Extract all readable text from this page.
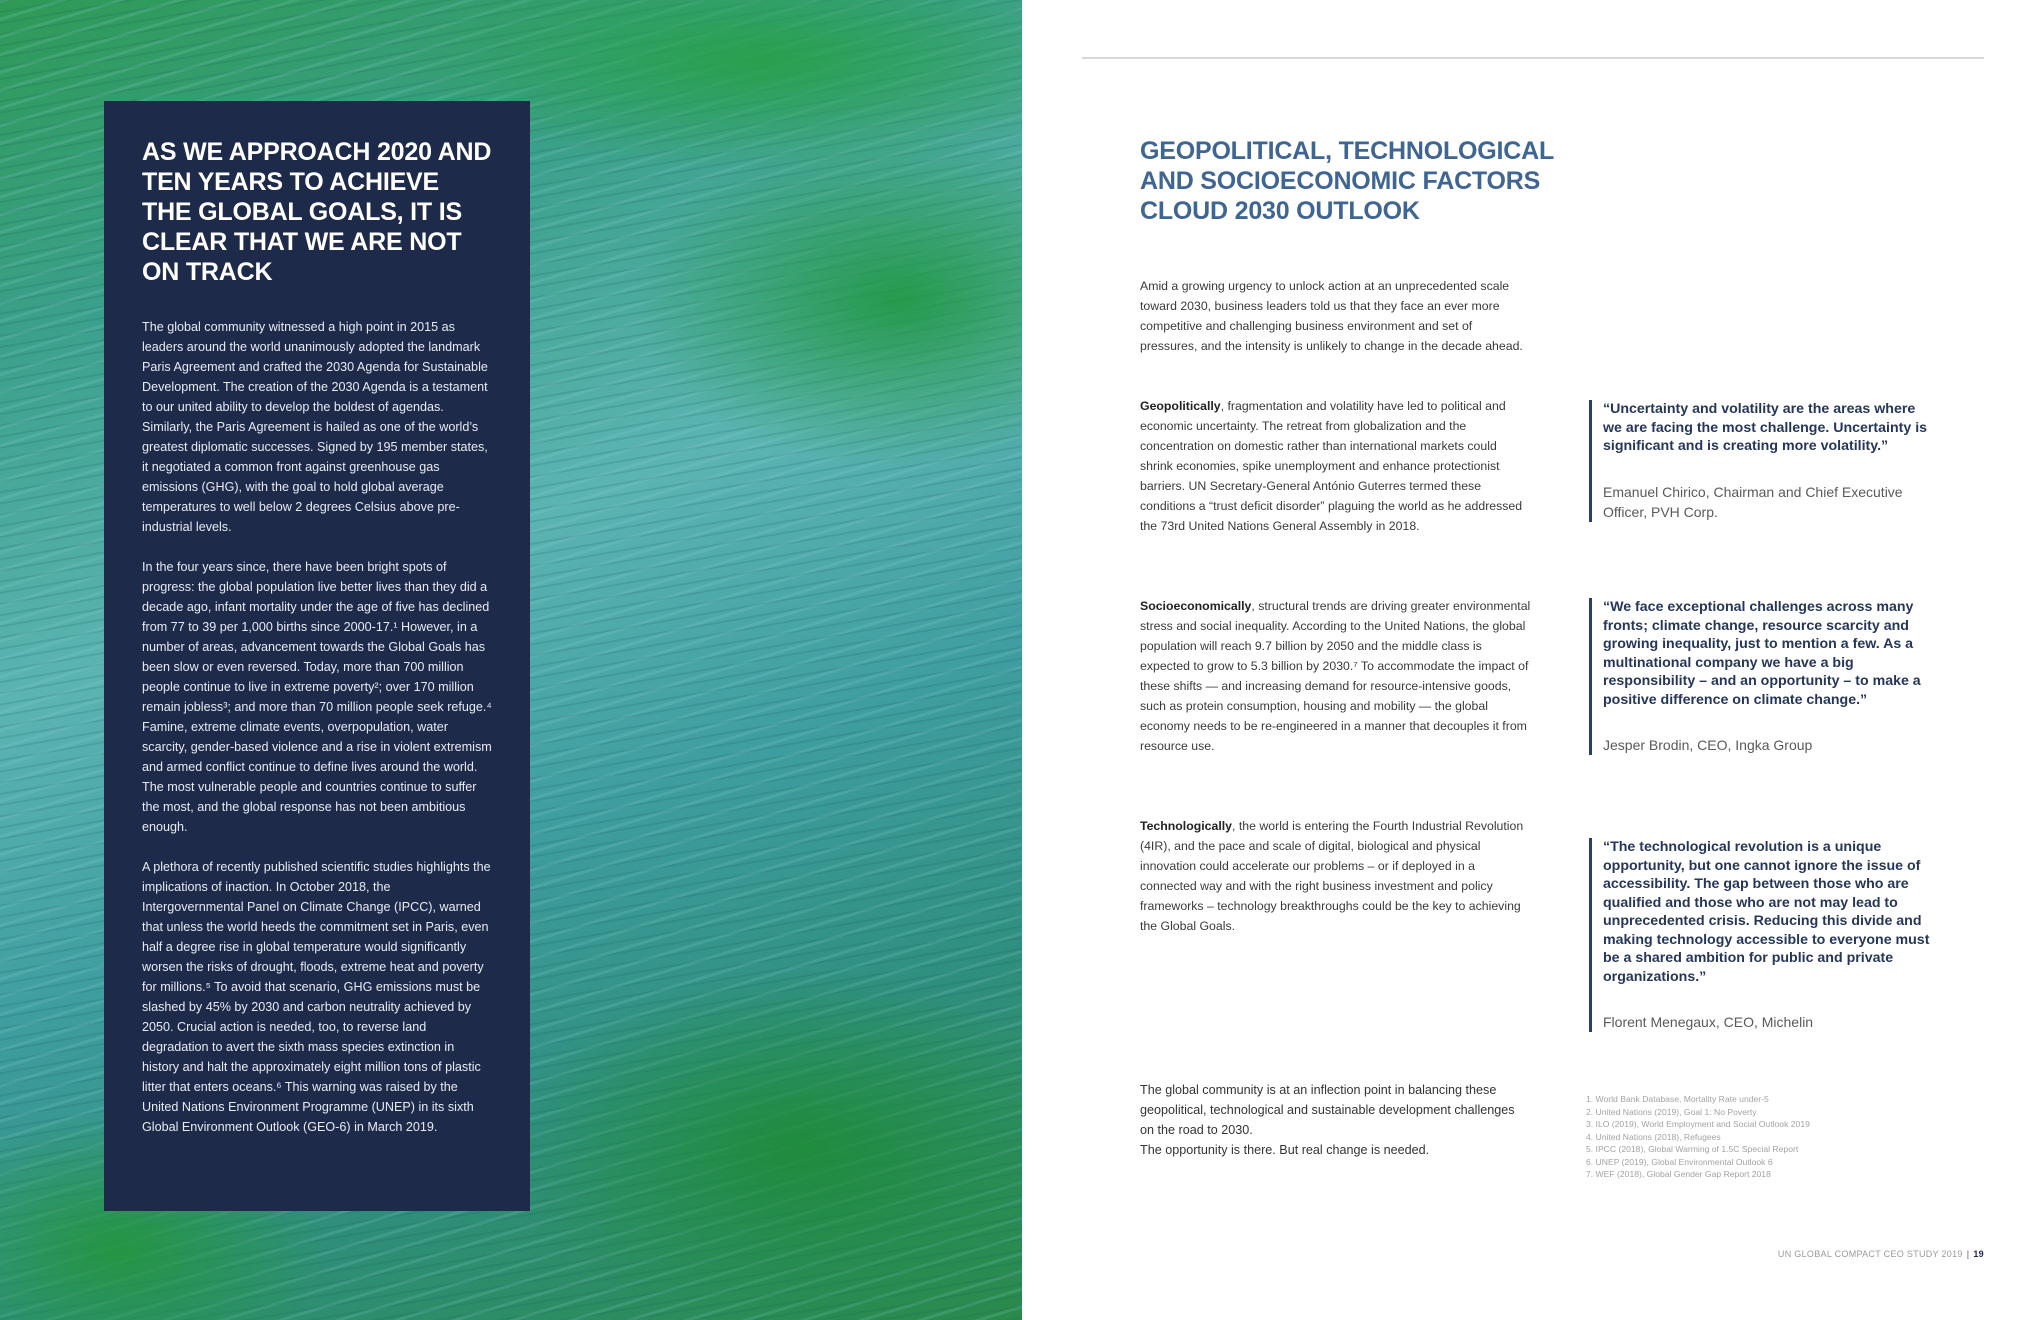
AS WE APPROACH 2020 AND TEN YEARS TO ACHIEVE THE GLOBAL GOALS, IT IS CLEAR THAT WE ARE NOT ON TRACK

The global community witnessed a high point in 2015 as leaders around the world unanimously adopted the landmark Paris Agreement and crafted the 2030 Agenda for Sustainable Development. The creation of the 2030 Agenda is a testament to our united ability to develop the boldest of agendas. Similarly, the Paris Agreement is hailed as one of the world’s greatest diplomatic successes. Signed by 195 member states, it negotiated a common front against greenhouse gas emissions (GHG), with the goal to hold global average temperatures to well below 2 degrees Celsius above pre-industrial levels.

In the four years since, there have been bright spots of progress: the global population live better lives than they did a decade ago, infant mortality under the age of five has declined from 77 to 39 per 1,000 births since 2000-17.¹ However, in a number of areas, advancement towards the Global Goals has been slow or even reversed. Today, more than 700 million people continue to live in extreme poverty²; over 170 million remain jobless³; and more than 70 million people seek refuge.⁴ Famine, extreme climate events, overpopulation, water scarcity, gender-based violence and a rise in violent extremism and armed conflict continue to define lives around the world. The most vulnerable people and countries continue to suffer the most, and the global response has not been ambitious enough.

A plethora of recently published scientific studies highlights the implications of inaction. In October 2018, the Intergovernmental Panel on Climate Change (IPCC), warned that unless the world heeds the commitment set in Paris, even half a degree rise in global temperature would significantly worsen the risks of drought, floods, extreme heat and poverty for millions.⁵ To avoid that scenario, GHG emissions must be slashed by 45% by 2030 and carbon neutrality achieved by 2050. Crucial action is needed, too, to reverse land degradation to avert the sixth mass species extinction in history and halt the approximately eight million tons of plastic litter that enters oceans.⁶ This warning was raised by the United Nations Environment Programme (UNEP) in its sixth Global Environment Outlook (GEO-6) in March 2019.

GEOPOLITICAL, TECHNOLOGICAL AND SOCIOECONOMIC FACTORS CLOUD 2030 OUTLOOK

Amid a growing urgency to unlock action at an unprecedented scale toward 2030, business leaders told us that they face an ever more competitive and challenging business environment and set of pressures, and the intensity is unlikely to change in the decade ahead.

Geopolitically, fragmentation and volatility have led to political and economic uncertainty. The retreat from globalization and the concentration on domestic rather than international markets could shrink economies, spike unemployment and enhance protectionist barriers. UN Secretary-General António Guterres termed these conditions a “trust deficit disorder” plaguing the world as he addressed the 73rd United Nations General Assembly in 2018.

Socioeconomically, structural trends are driving greater environmental stress and social inequality. According to the United Nations, the global population will reach 9.7 billion by 2050 and the middle class is expected to grow to 5.3 billion by 2030.⁷ To accommodate the impact of these shifts — and increasing demand for resource-intensive goods, such as protein consumption, housing and mobility — the global economy needs to be re-engineered in a manner that decouples it from resource use.

Technologically, the world is entering the Fourth Industrial Revolution (4IR), and the pace and scale of digital, biological and physical innovation could accelerate our problems – or if deployed in a connected way and with the right business investment and policy frameworks – technology breakthroughs could be the key to achieving the Global Goals.

“Uncertainty and volatility are the areas where we are facing the most challenge. Uncertainty is significant and is creating more volatility.”

Emanuel Chirico, Chairman and Chief Executive Officer, PVH Corp.

“We face exceptional challenges across many fronts; climate change, resource scarcity and growing inequality, just to mention a few. As a multinational company we have a big responsibility – and an opportunity – to make a positive difference on climate change.”

Jesper Brodin, CEO, Ingka Group

“The technological revolution is a unique opportunity, but one cannot ignore the issue of accessibility. The gap between those who are qualified and those who are not may lead to unprecedented crisis. Reducing this divide and making technology accessible to everyone must be a shared ambition for public and private organizations.”

Florent Menegaux, CEO, Michelin

The global community is at an inflection point in balancing these geopolitical, technological and sustainable development challenges on the road to 2030.
The opportunity is there. But real change is needed.

1. World Bank Database, Mortality Rate under-5
2. United Nations (2019), Goal 1: No Poverty
3. ILO (2019), World Employment and Social Outlook 2019
4. United Nations (2018), Refugees
5. IPCC (2018), Global Warming of 1.5C Special Report
6. UNEP (2019), Global Environmental Outlook 6
7. WEF (2018), Global Gender Gap Report 2018
UN GLOBAL COMPACT CEO STUDY 2019 | 19
